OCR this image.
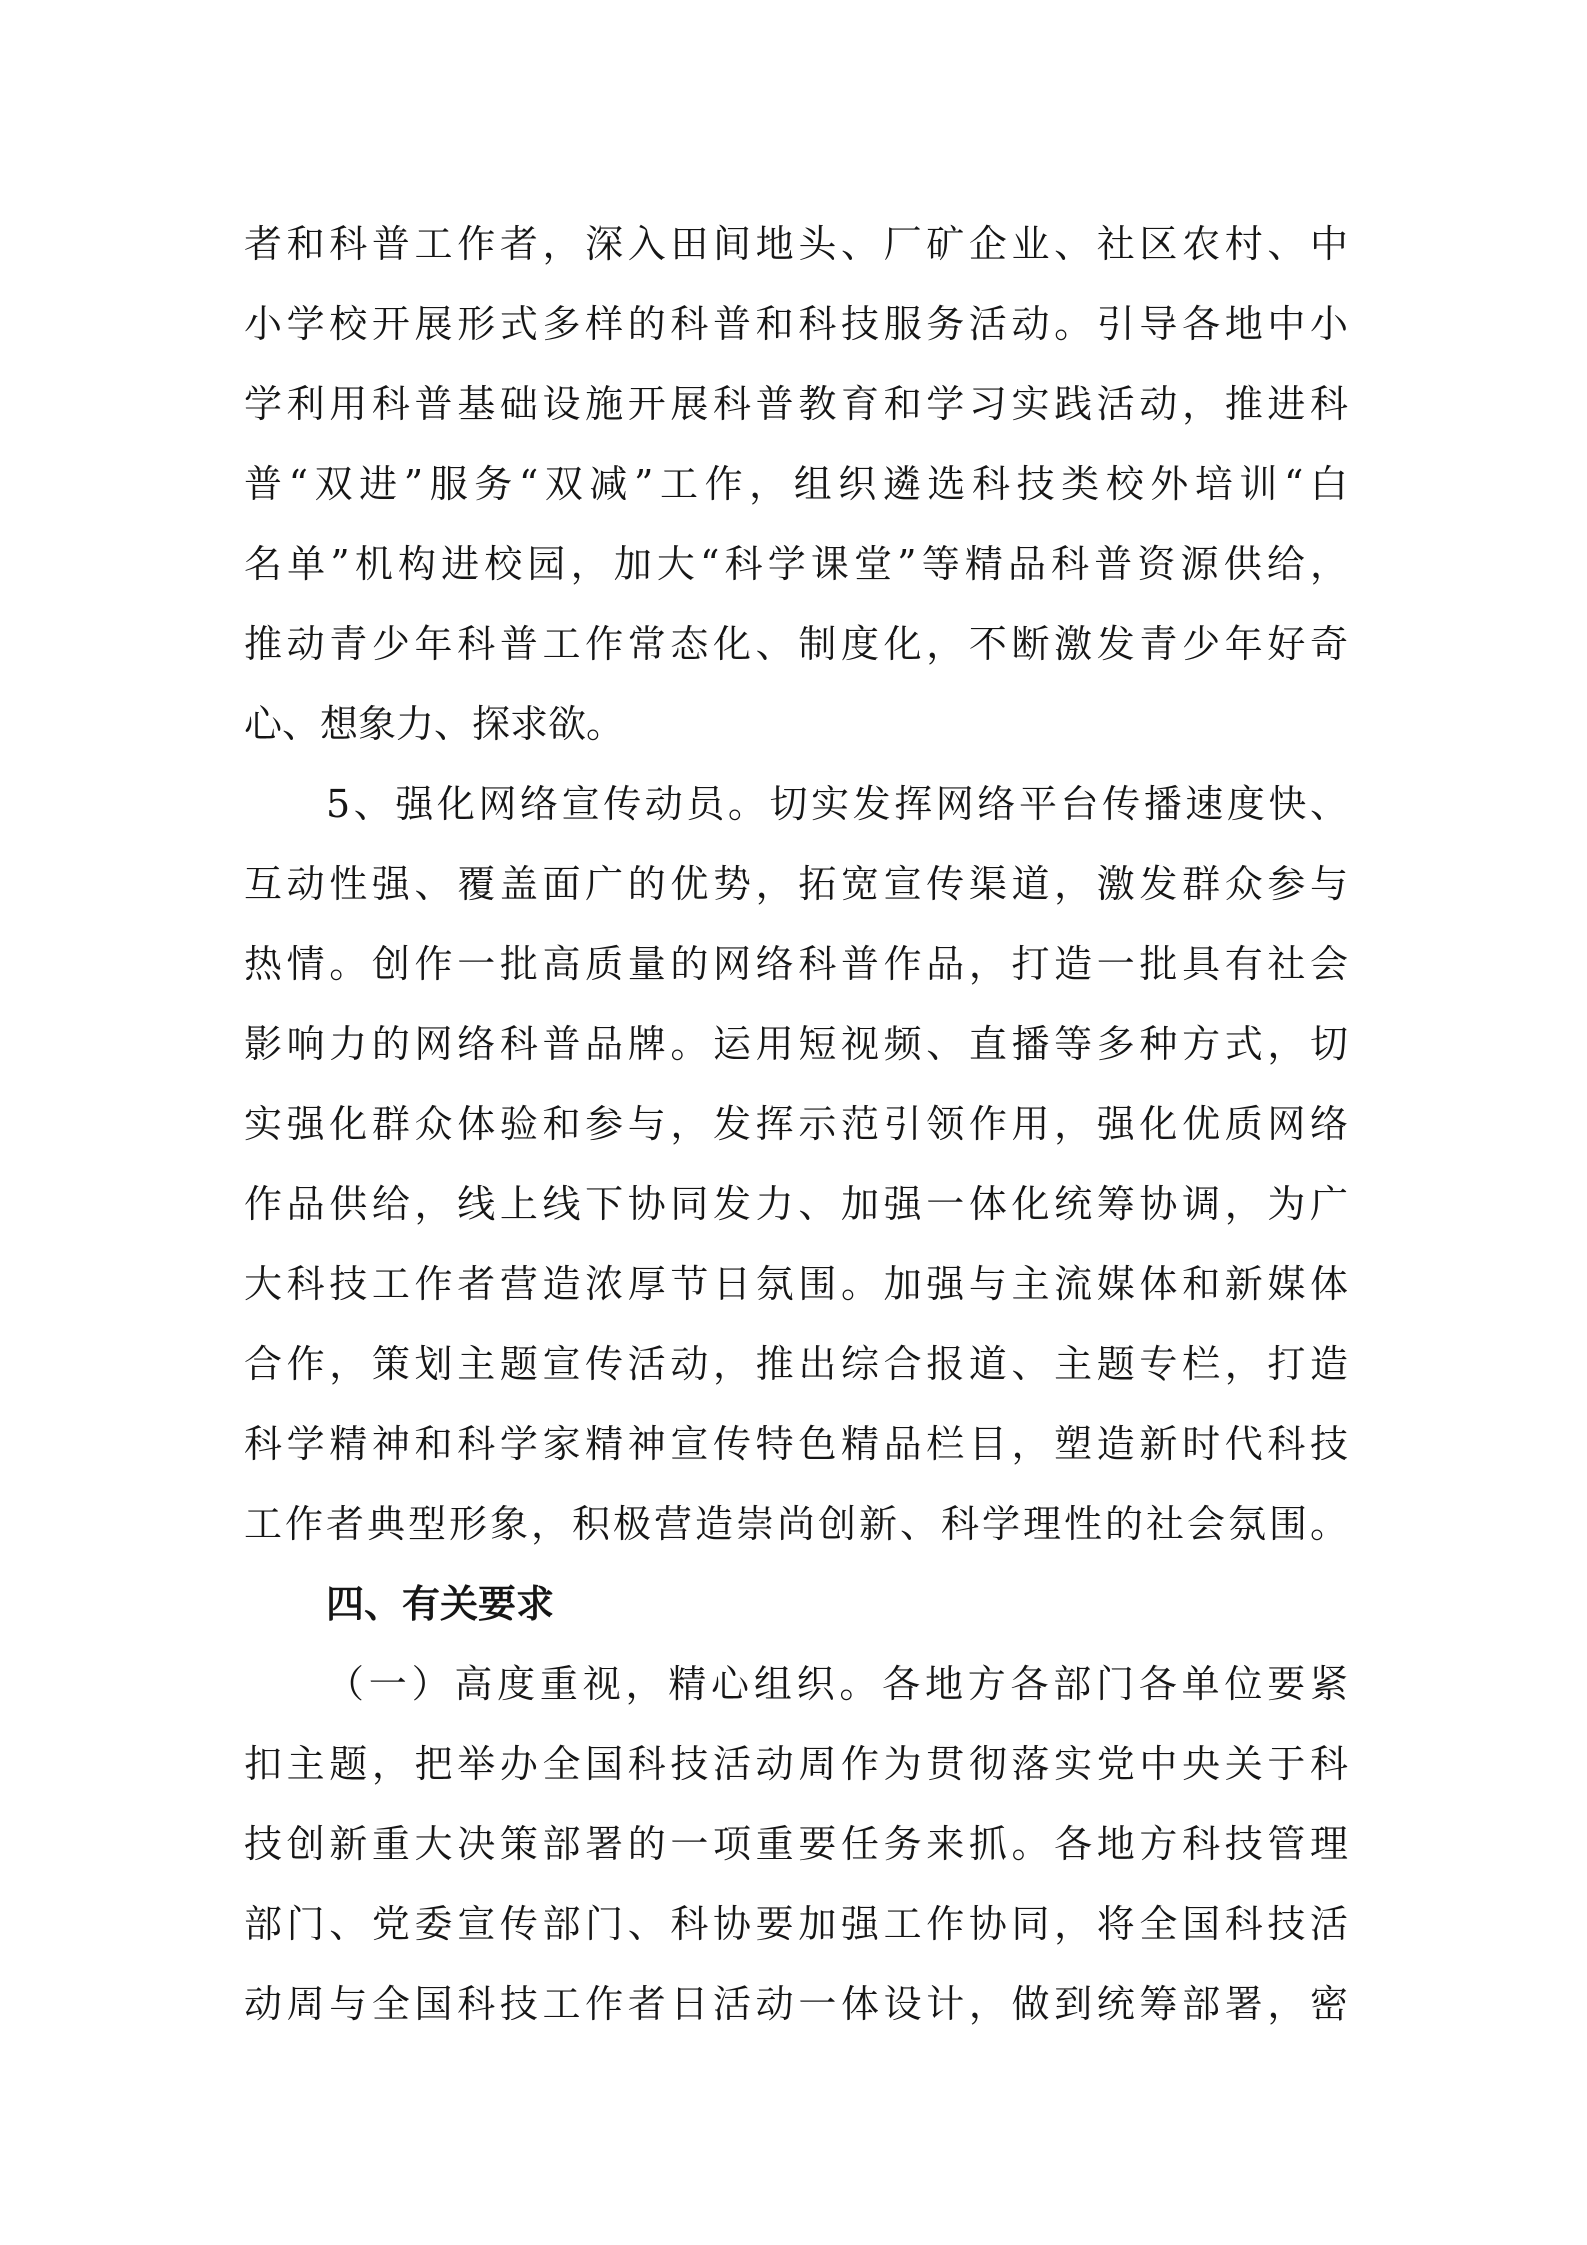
者和科普工作者，深入田间地头、厂矿企业、社区农村、中
小学校开展形式多样的科普和科技服务活动。引导各地中小
学利用科普基础设施开展科普教育和学习实践活动，推进科
普“双进”服务“双减”工作，组织遴选科技类校外培训“白
名单”机构进校园，加大“科学课堂”等精品科普资源供给，
推动青少年科普工作常态化、制度化，不断激发青少年好奇
心、想象力、探求欲。
5、强化网络宣传动员。切实发挥网络平台传播速度快、
互动性强、覆盖面广的优势，拓宽宣传渠道，激发群众参与
热情。创作一批高质量的网络科普作品，打造一批具有社会
影响力的网络科普品牌。运用短视频、直播等多种方式，切
实强化群众体验和参与，发挥示范引领作用，强化优质网络
作品供给，线上线下协同发力、加强一体化统筹协调，为广
大科技工作者营造浓厚节日氛围。加强与主流媒体和新媒体
合作，策划主题宣传活动，推出综合报道、主题专栏，打造
科学精神和科学家精神宣传特色精品栏目，塑造新时代科技
工作者典型形象，积极营造崇尚创新、科学理性的社会氛围。
四、有关要求
（一）高度重视，精心组织。各地方各部门各单位要紧
扣主题，把举办全国科技活动周作为贯彻落实党中央关于科
技创新重大决策部署的一项重要任务来抓。各地方科技管理
部门、党委宣传部门、科协要加强工作协同，将全国科技活
动周与全国科技工作者日活动一体设计，做到统筹部署，密
